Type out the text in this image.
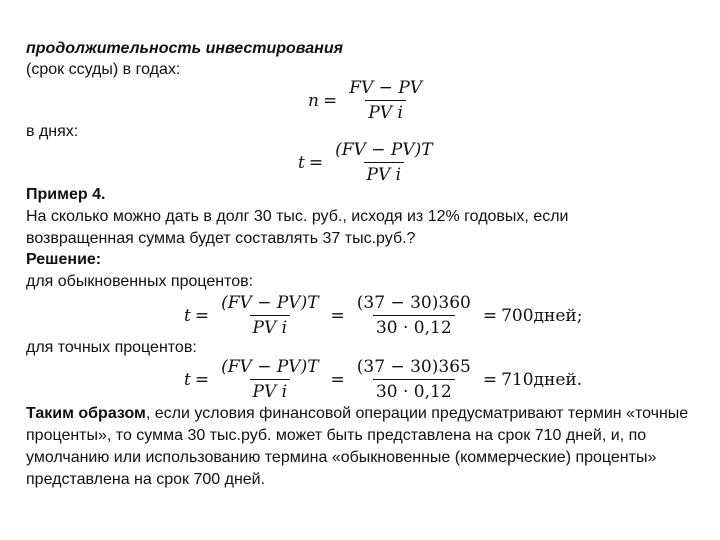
продолжительность инвестирования
(срок ссуды) в годах:
$n = \frac{FV - PV}{\text{PV i}}$
в днях:
$t = \frac{(FV - PV)T}{\text{PV i}}$
Пример 4.
На сколько можно дать в долг 30 тыс. руб., исходя из 12% годовых, если
возвращенная сумма будет составлять 37 тыс.руб.?
Решение:
для обыкновенных процентов:
$t = \frac{(FV - PV)T}{\text{PV i}} = \frac{(37 - 30)360}{30 \cdot 0,12}$ = 700дней;
для точных процентов:
$t = \frac{(FV - PV)T}{\text{PV i}} = \frac{(37 - 30)365}{30 \cdot 0,12}$ = 710дней.
Таким образом, если условия финансовой операции предусматривают термин «точные проценты», то сумма 30 тыс.руб. может быть представлена на срок 710 дней, и, по умолчанию или использованию термина «обыкновенные (коммерческие) проценты» представлена на срок 700 дней.
